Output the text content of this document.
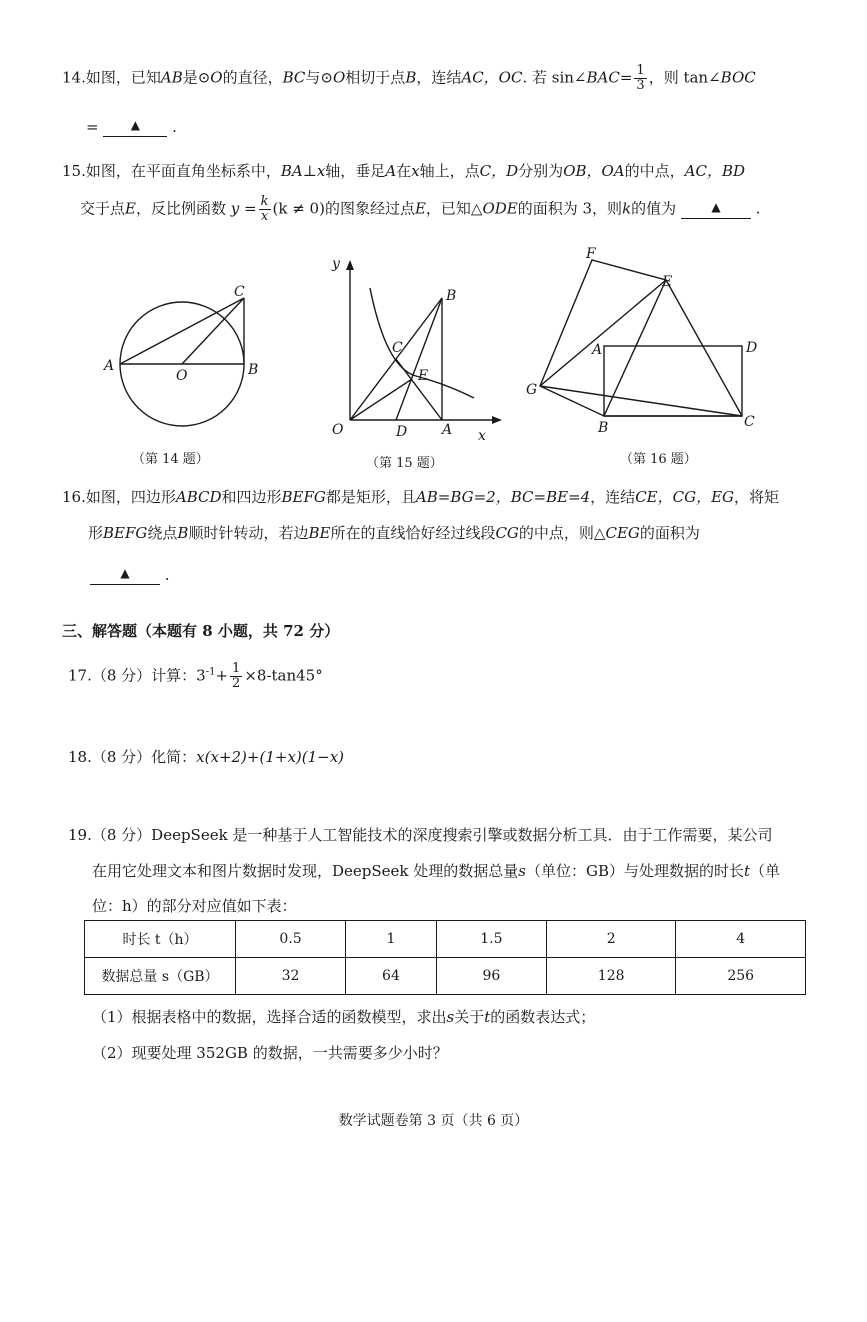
14.如图，已知AB是⊙O的直径，BC与⊙O相切于点B，连结AC，OC. 若 sin∠BAC= $\frac{1}{3}$ ，则 tan∠BOC
=	▲ .
15.如图，在平面直角坐标系中，BA⊥x轴，垂足A在x轴上，点C，D分别为OB，OA的中点，AC，BD
交于点E，反比例函数 $y = \frac{k}{x} (k \ne 0)$的图象经过点E，已知△ODE的面积为 3，则k的值为	▲ .
A
O	B
C
（第 14 题）
y
B
C
E
O	D A x
（第 15 题）
F
E
A	D
G
B	C
（第 16 题）
16.如图，四边形ABCD和四边形BEFG都是矩形，且AB=BG=2，BC=BE=4，连结CE，CG，EG，将矩
形BEFG绕点B顺时针转动，若边BE所在的直线恰好经过线段CG的中点，则△CEG的面积为
▲ .
三、解答题（本题有 8 小题，共 72 分）
17.（8 分）计算：$3^{-1}+ \frac{1}{2} \times 8-\tan 45^\circ$
18.（8 分）化简：x(x+2)+(1+x)(1−x)
19.（8 分）DeepSeek 是一种基于人工智能技术的深度搜索引擎或数据分析工具．由于工作需要，某公司
在用它处理文本和图片数据时发现，DeepSeek 处理的数据总量s（单位：GB）与处理数据的时长t（单
位：h）的部分对应值如下表：
时长 t（h）	0.5	1	1.5	2	4
数据总量 s（GB）	32	64	96	128	256
（1）根据表格中的数据，选择合适的函数模型，求出s关于t的函数表达式；
（2）现要处理 352GB 的数据，一共需要多少小时？
数学试题卷第 3 页（共 6 页）
